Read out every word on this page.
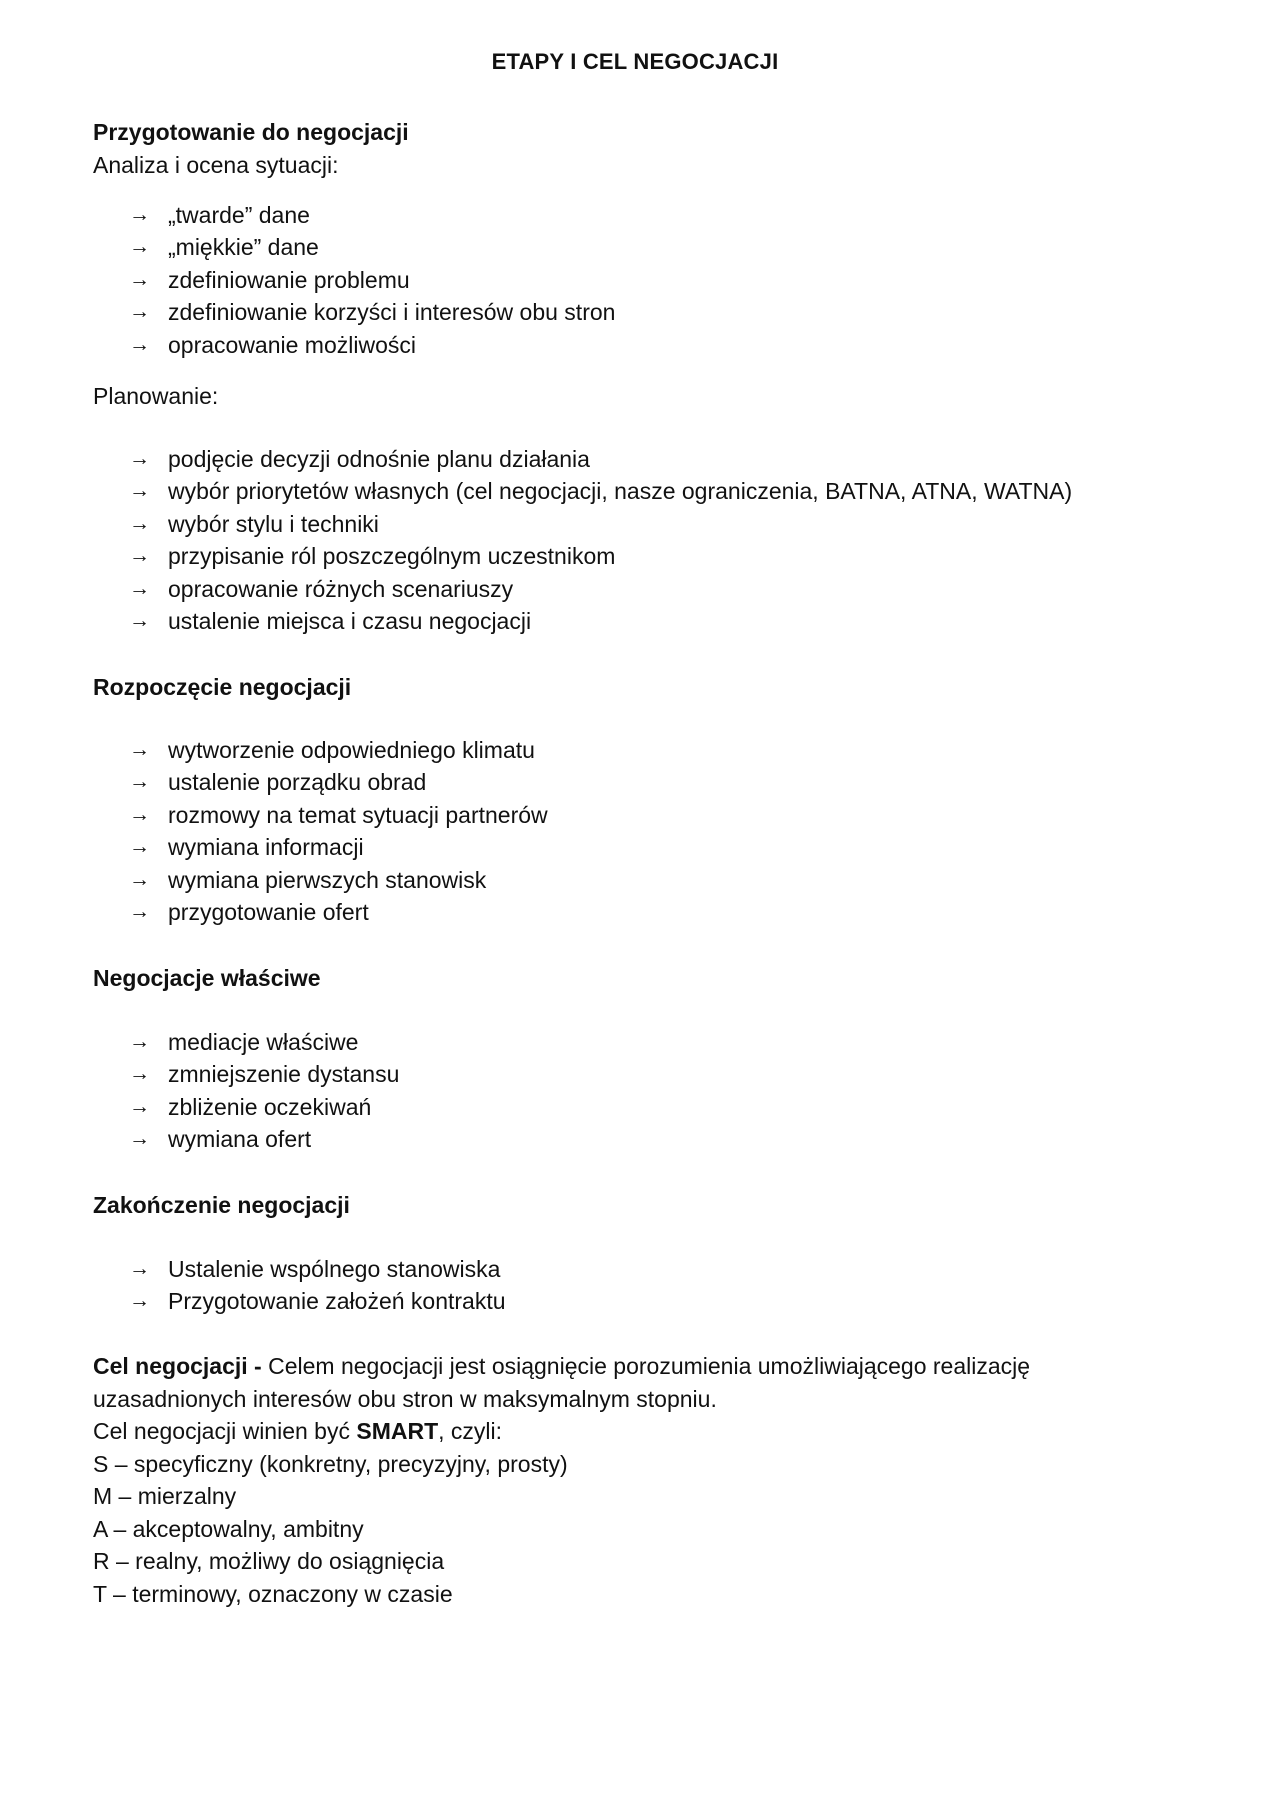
ETAPY I CEL NEGOCJACJI
Przygotowanie do negocjacji
Analiza i ocena sytuacji:
→ „twarde” dane
→ „miękkie” dane
→ zdefiniowanie problemu
→ zdefiniowanie korzyści i interesów obu stron
→ opracowanie możliwości
Planowanie:
→ podjęcie decyzji odnośnie planu działania
→ wybór priorytetów własnych (cel negocjacji, nasze ograniczenia, BATNA, ATNA, WATNA)
→ wybór stylu i techniki
→ przypisanie ról poszczególnym uczestnikom
→ opracowanie różnych scenariuszy
→ ustalenie miejsca i czasu negocjacji
Rozpoczęcie negocjacji
→ wytworzenie odpowiedniego klimatu
→ ustalenie porządku obrad
→ rozmowy na temat sytuacji partnerów
→ wymiana informacji
→ wymiana pierwszych stanowisk
→ przygotowanie ofert
Negocjacje właściwe
→ mediacje właściwe
→ zmniejszenie dystansu
→ zbliżenie oczekiwań
→ wymiana ofert
Zakończenie negocjacji
→ Ustalenie wspólnego stanowiska
→ Przygotowanie założeń kontraktu
Cel negocjacji - Celem negocjacji jest osiągnięcie porozumienia umożliwiającego realizację
uzasadnionych interesów obu stron w maksymalnym stopniu.
Cel negocjacji winien być SMART, czyli:
S – specyficzny (konkretny, precyzyjny, prosty)
M – mierzalny
A – akceptowalny, ambitny
R – realny, możliwy do osiągnięcia
T – terminowy, oznaczony w czasie
